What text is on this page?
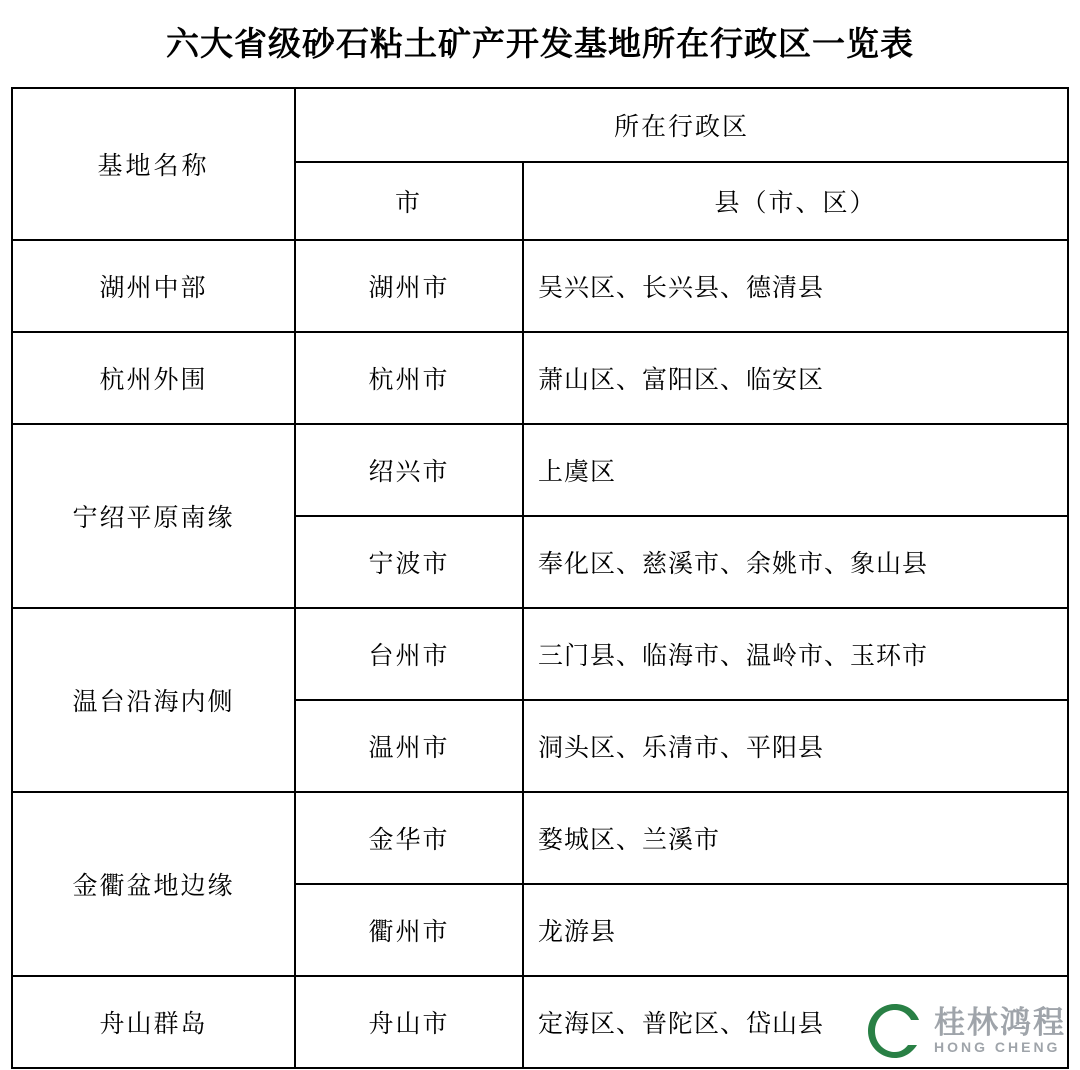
六大省级砂石粘土矿产开发基地所在行政区一览表
基地名称	所在行政区	
	市	县（市、区）
湖州中部	湖州市	吴兴区、长兴县、德清县
杭州外围	杭州市	萧山区、富阳区、临安区
宁绍平原南缘	绍兴市	上虞区
	宁波市	奉化区、慈溪市、余姚市、象山县
温台沿海内侧	台州市	三门县、临海市、温岭市、玉环市
	温州市	洞头区、乐清市、平阳县
金衢盆地边缘	金华市	婺城区、兰溪市
	衢州市	龙游县
舟山群岛	舟山市	定海区、普陀区、岱山县	桂林鸿程
HONG CHENG
